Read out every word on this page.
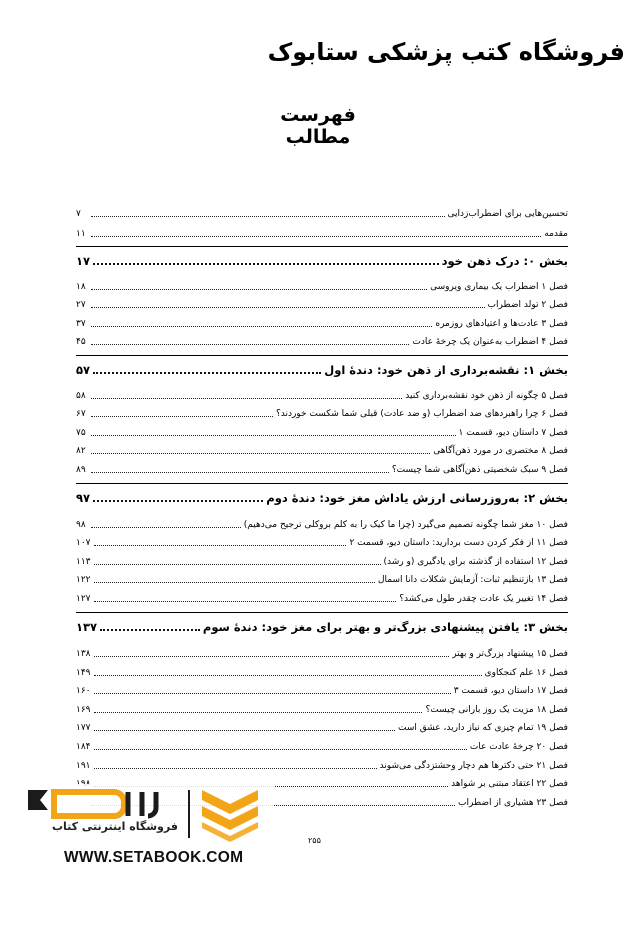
فروشگاه کتب پزشکی ستابوک
فهرست مطالب
تحسین‌هایی برای اضطراب‌زدایی
۷
مقدمه
۱۱
بخش ۰: درک ذهن خود
۱۷
فصل ۱ اضطراب یک بیماری ویروسی
۱۸
فصل ۲ تولد اضطراب
۲۷
فصل ۳ عادت‌ها و اعتیادهای روزمره
۳۷
فصل ۴ اضطراب به‌عنوان یک چرخهٔ عادت
۴۵
بخش ۱: نقشه‌برداری از ذهن خود: دندهٔ اول
۵۷
فصل ۵ چگونه از ذهن خود نقشه‌برداری کنید
۵۸
فصل ۶ چرا راهبردهای ضد اضطراب (و ضد عادت) قبلی شما شکست خوردند؟
۶۷
فصل ۷ داستان دیو، قسمت ۱
۷۵
فصل ۸ مختصری در مورد ذهن‌آگاهی
۸۲
فصل ۹ سبک شخصیتی ذهن‌آگاهی شما چیست؟
۸۹
بخش ۲: به‌روزرسانی ارزش یاداش مغز خود: دندهٔ دوم
۹۷
فصل ۱۰ مغز شما چگونه تصمیم می‌گیرد (چرا ما کیک را به کلم بروکلی ترجیح می‌دهیم)
۹۸
فصل ۱۱ از فکر کردن دست بردارید: داستان دیو، قسمت ۲
۱۰۷
فصل ۱۲ استفاده از گذشته برای یادگیری (و رشد)
۱۱۳
فصل ۱۳ بازتنظیم ثبات: آزمایش شکلات دانا اسمال
۱۲۲
فصل ۱۴ تغییر یک عادت چقدر طول می‌کشد؟
۱۲۷
بخش ۳: یافتن پیشنهادی بزرگ‌تر و بهتر برای مغز خود: دندهٔ سوم
۱۳۷
فصل ۱۵ پیشنهاد بزرگ‌تر و بهتر
۱۳۸
فصل ۱۶ علم کنجکاوی
۱۴۹
فصل ۱۷ داستان دیو، قسمت ۳
۱۶۰
فصل ۱۸ مزیت یک روز بارانی چیست؟
۱۶۹
فصل ۱۹ تمام چیزی که نیاز دارید، عشق است
۱۷۷
فصل ۲۰ چرخهٔ عادت عات
۱۸۴
فصل ۲۱ حتی دکترها هم دچار وحشتزدگی می‌شوند
۱۹۱
فصل ۲۲ اعتقاد مبتنی بر شواهد
فصل ۲۳ هشیاری از اضطراب
۲۵۵
فروشگاه اینترنتی کتاب
WWW.SETABOOK.COM
